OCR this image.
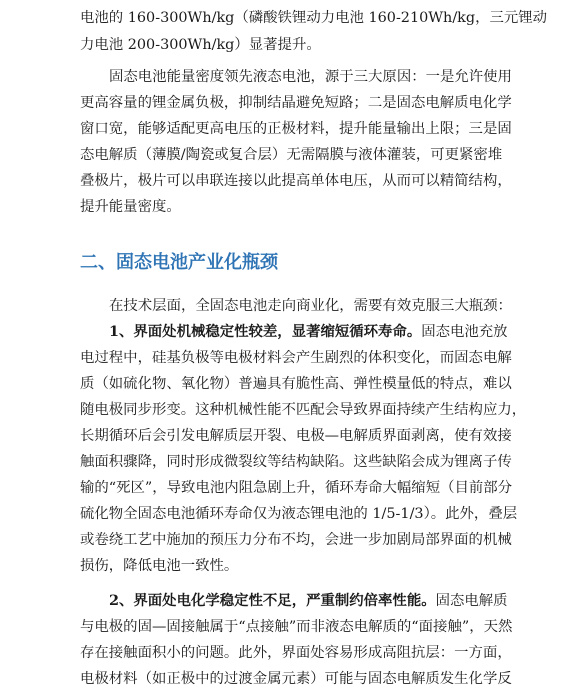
电池的 160-300Wh/kg（磷酸铁锂动力电池 160-210Wh/kg，三元锂动
力电池 200-300Wh/kg）显著提升。
固态电池能量密度领先液态电池，源于三大原因：一是允许使用
更高容量的锂金属负极，抑制结晶避免短路；二是固态电解质电化学
窗口宽，能够适配更高电压的正极材料，提升能量输出上限；三是固
态电解质（薄膜/陶瓷或复合层）无需隔膜与液体灌装，可更紧密堆
叠极片，极片可以串联连接以此提高单体电压，从而可以精简结构，
提升能量密度。
二、固态电池产业化瓶颈
在技术层面，全固态电池走向商业化，需要有效克服三大瓶颈：
1、界面处机械稳定性较差，显著缩短循环寿命。固态电池充放
电过程中，硅基负极等电极材料会产生剧烈的体积变化，而固态电解
质（如硫化物、氧化物）普遍具有脆性高、弹性模量低的特点，难以
随电极同步形变。这种机械性能不匹配会导致界面持续产生结构应力，
长期循环后会引发电解质层开裂、电极—电解质界面剥离，使有效接
触面积骤降，同时形成微裂纹等结构缺陷。这些缺陷会成为锂离子传
输的“死区”，导致电池内阻急剧上升，循环寿命大幅缩短（目前部分
硫化物全固态电池循环寿命仅为液态锂电池的 1/5-1/3）。此外，叠层
或卷绕工艺中施加的预压力分布不均，会进一步加剧局部界面的机械
损伤，降低电池一致性。
2、界面处电化学稳定性不足，严重制约倍率性能。固态电解质
与电极的固—固接触属于“点接触”而非液态电解质的“面接触”，天然
存在接触面积小的问题。此外，界面处容易形成高阻抗层：一方面，
电极材料（如正极中的过渡金属元素）可能与固态电解质发生化学反
